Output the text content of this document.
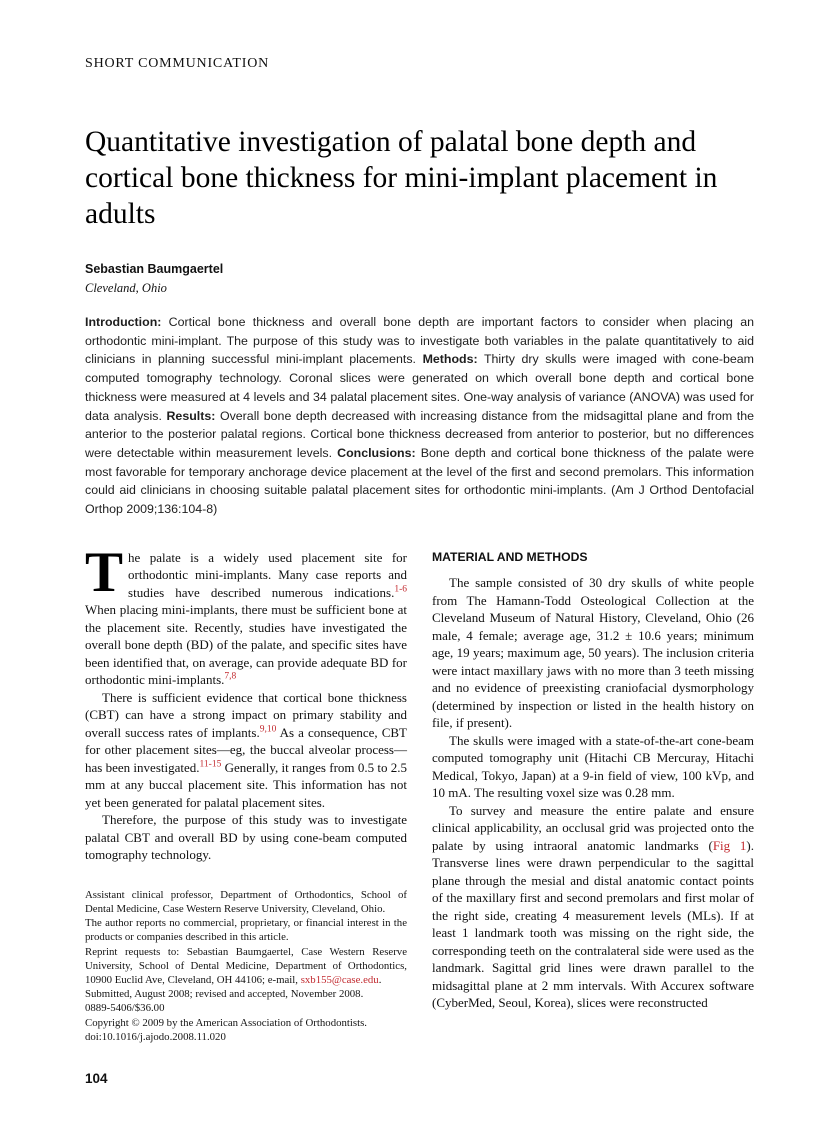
SHORT COMMUNICATION
Quantitative investigation of palatal bone depth and cortical bone thickness for mini-implant placement in adults
Sebastian Baumgaertel
Cleveland, Ohio

Introduction: Cortical bone thickness and overall bone depth are important factors to consider when placing an orthodontic mini-implant. The purpose of this study was to investigate both variables in the palate quantitatively to aid clinicians in planning successful mini-implant placements. Methods: Thirty dry skulls were imaged with cone-beam computed tomography technology. Coronal slices were generated on which overall bone depth and cortical bone thickness were measured at 4 levels and 34 palatal placement sites. One-way analysis of variance (ANOVA) was used for data analysis. Results: Overall bone depth decreased with increasing distance from the midsagittal plane and from the anterior to the posterior palatal regions. Cortical bone thickness decreased from anterior to posterior, but no differences were detectable within measurement levels. Conclusions: Bone depth and cortical bone thickness of the palate were most favorable for temporary anchorage device placement at the level of the first and second premolars. This information could aid clinicians in choosing suitable palatal placement sites for orthodontic mini-implants. (Am J Orthod Dentofacial Orthop 2009;136:104-8)

The palate is a widely used placement site for orthodontic mini-implants. Many case reports and studies have described numerous indications.$^{1-6}$ When placing mini-implants, there must be sufficient bone at the placement site. Recently, studies have investigated the overall bone depth (BD) of the palate, and specific sites have been identified that, on average, can provide adequate BD for orthodontic mini-implants.$^{7,8}$

There is sufficient evidence that cortical bone thickness (CBT) can have a strong impact on primary stability and overall success rates of implants.$^{9,10}$ As a consequence, CBT for other placement sites—eg, the buccal alveolar process—has been investigated.$^{11-15}$ Generally, it ranges from 0.5 to 2.5 mm at any buccal placement site. This information has not yet been generated for palatal placement sites.

Therefore, the purpose of this study was to investigate palatal CBT and overall BD by using cone-beam computed tomography technology.

Assistant clinical professor, Department of Orthodontics, School of Dental Medicine, Case Western Reserve University, Cleveland, Ohio.

The author reports no commercial, proprietary, or financial interest in the products or companies described in this article.

Reprint requests to: Sebastian Baumgaertel, Case Western Reserve University, School of Dental Medicine, Department of Orthodontics, 10900 Euclid Ave, Cleveland, OH 44106; e-mail, sxb155@case.edu.

Submitted, August 2008; revised and accepted, November 2008.

0889-5406/$36.00

Copyright © 2009 by the American Association of Orthodontists.

doi:10.1016/j.ajodo.2008.11.020

MATERIAL AND METHODS

The sample consisted of 30 dry skulls of white people from The Hamann-Todd Osteological Collection at the Cleveland Museum of Natural History, Cleveland, Ohio (26 male, 4 female; average age, 31.2 ± 10.6 years; minimum age, 19 years; maximum age, 50 years). The inclusion criteria were intact maxillary jaws with no more than 3 teeth missing and no evidence of preexisting craniofacial dysmorphology (determined by inspection or listed in the health history on file, if present).

The skulls were imaged with a state-of-the-art cone-beam computed tomography unit (Hitachi CB Mercuray, Hitachi Medical, Tokyo, Japan) at a 9-in field of view, 100 kVp, and 10 mA. The resulting voxel size was 0.28 mm.

To survey and measure the entire palate and ensure clinical applicability, an occlusal grid was projected onto the palate by using intraoral anatomic landmarks (Fig 1). Transverse lines were drawn perpendicular to the sagittal plane through the mesial and distal anatomic contact points of the maxillary first and second premolars and first molar of the right side, creating 4 measurement levels (MLs). If at least 1 landmark tooth was missing on the right side, the corresponding teeth on the contralateral side were used as the landmark. Sagittal grid lines were drawn parallel to the midsagittal plane at 2 mm intervals. With Accurex software (CyberMed, Seoul, Korea), slices were reconstructed

104
